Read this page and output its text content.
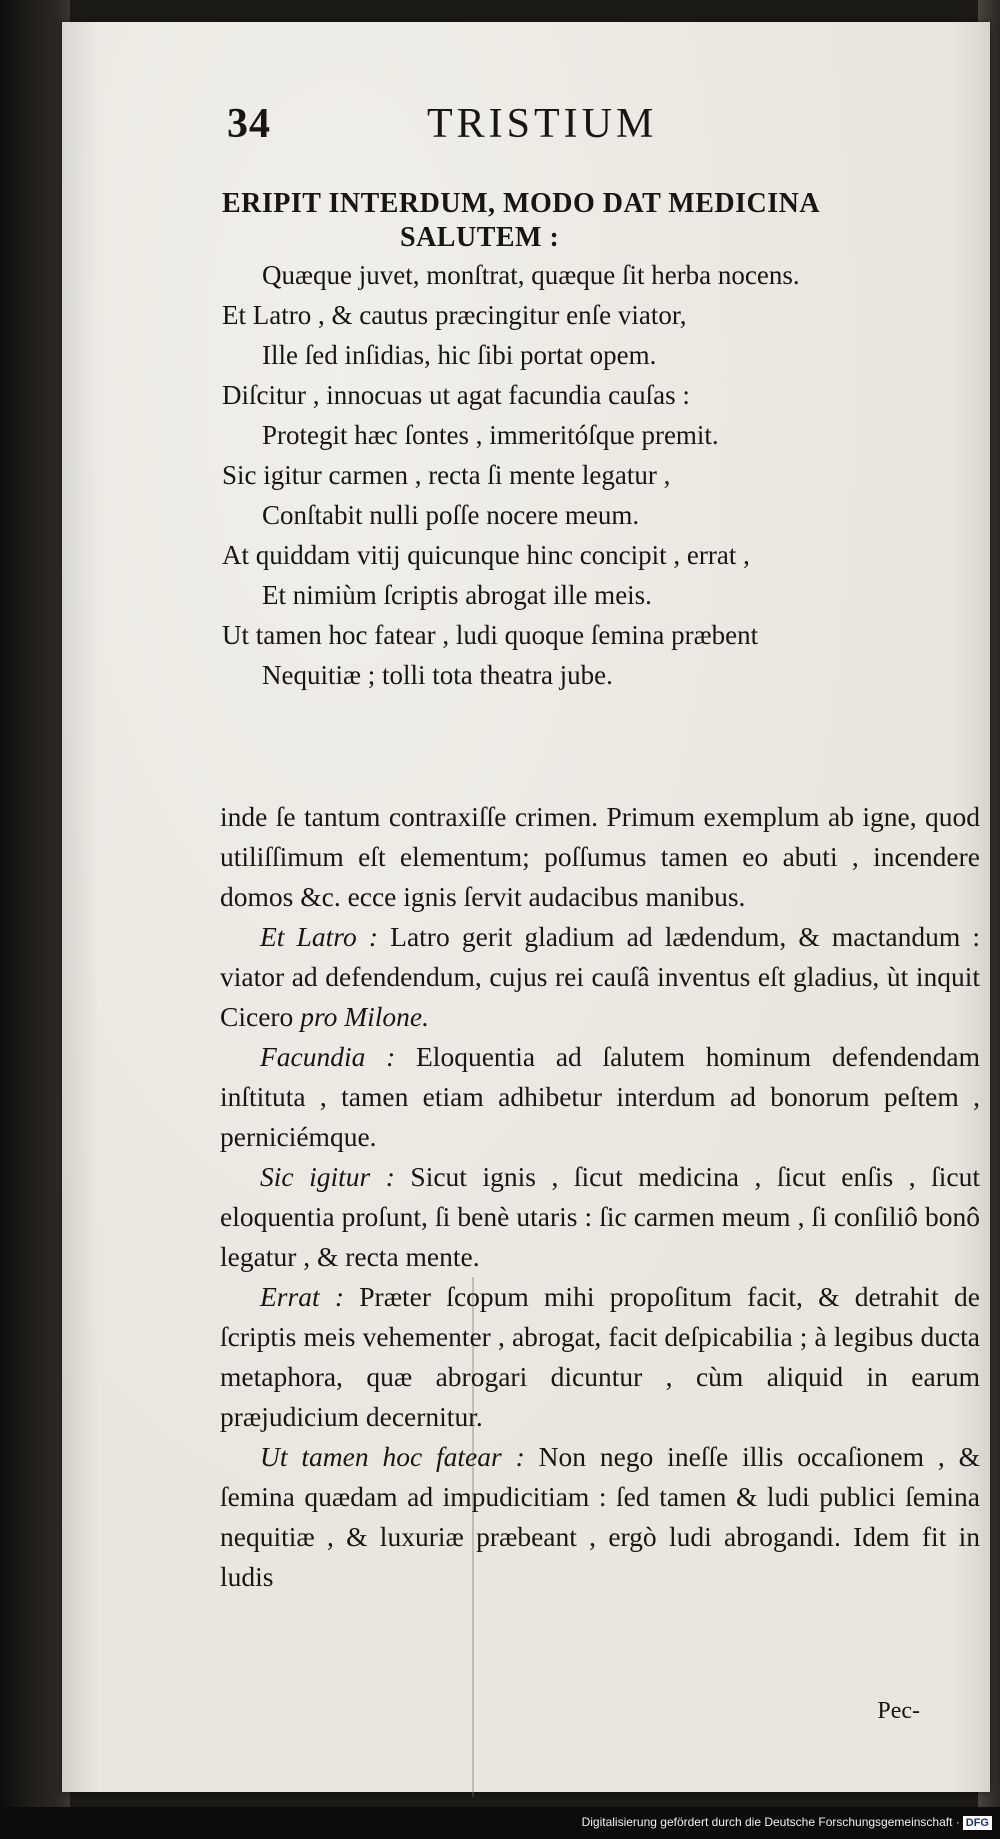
34	TRISTIUM
ERIPIT INTERDUM, MODO DAT MEDICINA
SALUTEM :
Quæque juvet, monſtrat, quæque ſit herba nocens.
Et Latro , & cautus præcingitur enſe viator,
Ille ſed inſidias, hic ſibi portat opem.
Diſcitur , innocuas ut agat facundia cauſas :
Protegit hæc ſontes , immeritóſque premit.
Sic igitur carmen , recta ſi mente legatur ,
Conſtabit nulli poſſe nocere meum.
At quiddam vitij quicunque hinc concipit , errat ,
Et nimiùm ſcriptis abrogat ille meis.
Ut tamen hoc fatear , ludi quoque ſemina præbent
Nequitiæ ; tolli tota theatra jube.

inde ſe tantum contraxiſſe crimen. Primum exemplum ab igne, quod utiliſſimum eſt elementum; poſſumus tamen eo abuti , incendere domos &c. ecce ignis ſervit audacibus manibus.

Et Latro : Latro gerit gladium ad lædendum, & mactandum : viator ad defendendum, cujus rei cauſâ inventus eſt gladius, ùt inquit Cicero pro Milone.

Facundia : Eloquentia ad ſalutem hominum defendendam inſtituta , tamen etiam adhibetur interdum ad bonorum peſtem , perniciémque.

Sic igitur : Sicut ignis , ſicut medicina , ſicut enſis , ſicut eloquentia proſunt, ſi benè utaris : ſic carmen meum , ſi conſiliô bonô legatur , & recta mente.

Errat : Præter ſcopum mihi propoſitum facit, & detrahit de ſcriptis meis vehementer , abrogat, facit deſpicabilia ; à legibus ducta metaphora, quæ abrogari dicuntur , cùm aliquid in earum præjudicium decernitur.

Ut tamen hoc fatear : Non nego ineſſe illis occaſionem , & ſemina quædam ad impudicitiam : ſed tamen & ludi publici ſemina nequitiæ , & luxuriæ præbeant , ergò ludi abrogandi. Idem fit in ludis

Pec-
Digitalisierung gefördert durch die Deutsche Forschungsgemeinschaft · DFG
